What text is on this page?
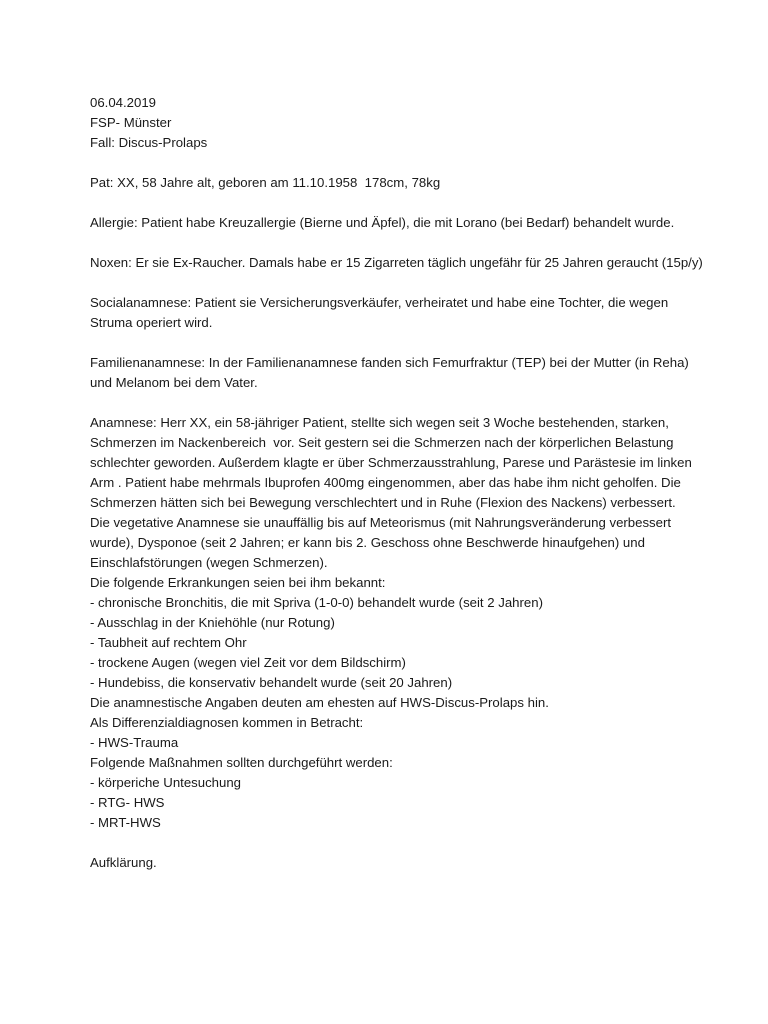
06.04.2019
FSP- Münster
Fall: Discus-Prolaps
Pat: XX, 58 Jahre alt, geboren am 11.10.1958  178cm, 78kg
Allergie: Patient habe Kreuzallergie (Bierne und Äpfel), die mit Lorano (bei Bedarf) behandelt wurde.
Noxen: Er sie Ex-Raucher. Damals habe er 15 Zigarreten täglich ungefähr für 25 Jahren geraucht (15p/y)
Socialanamnese: Patient sie Versicherungsverkäufer, verheiratet und habe eine Tochter, die wegen
Struma operiert wird.
Familienanamnese: In der Familienanamnese fanden sich Femurfraktur (TEP) bei der Mutter (in Reha)
und Melanom bei dem Vater.
Anamnese: Herr XX, ein 58-jähriger Patient, stellte sich wegen seit 3 Woche bestehenden, starken,
Schmerzen im Nackenbereich  vor. Seit gestern sei die Schmerzen nach der körperlichen Belastung
schlechter geworden. Außerdem klagte er über Schmerzausstrahlung, Parese und Parästesie im linken
Arm . Patient habe mehrmals Ibuprofen 400mg eingenommen, aber das habe ihm nicht geholfen. Die
Schmerzen hätten sich bei Bewegung verschlechtert und in Ruhe (Flexion des Nackens) verbessert.
Die vegetative Anamnese sie unauffällig bis auf Meteorismus (mit Nahrungsveränderung verbessert
wurde), Dysponoe (seit 2 Jahren; er kann bis 2. Geschoss ohne Beschwerde hinaufgehen) und
Einschlafstörungen (wegen Schmerzen).
Die folgende Erkrankungen seien bei ihm bekannt:
- chronische Bronchitis, die mit Spriva (1-0-0) behandelt wurde (seit 2 Jahren)
- Ausschlag in der Kniehöhle (nur Rotung)
- Taubheit auf rechtem Ohr
- trockene Augen (wegen viel Zeit vor dem Bildschirm)
- Hundebiss, die konservativ behandelt wurde (seit 20 Jahren)
Die anamnestische Angaben deuten am ehesten auf HWS-Discus-Prolaps hin.
Als Differenzialdiagnosen kommen in Betracht:
- HWS-Trauma
Folgende Maßnahmen sollten durchgeführt werden:
- körperiche Untesuchung
- RTG- HWS
- MRT-HWS
Aufklärung.
